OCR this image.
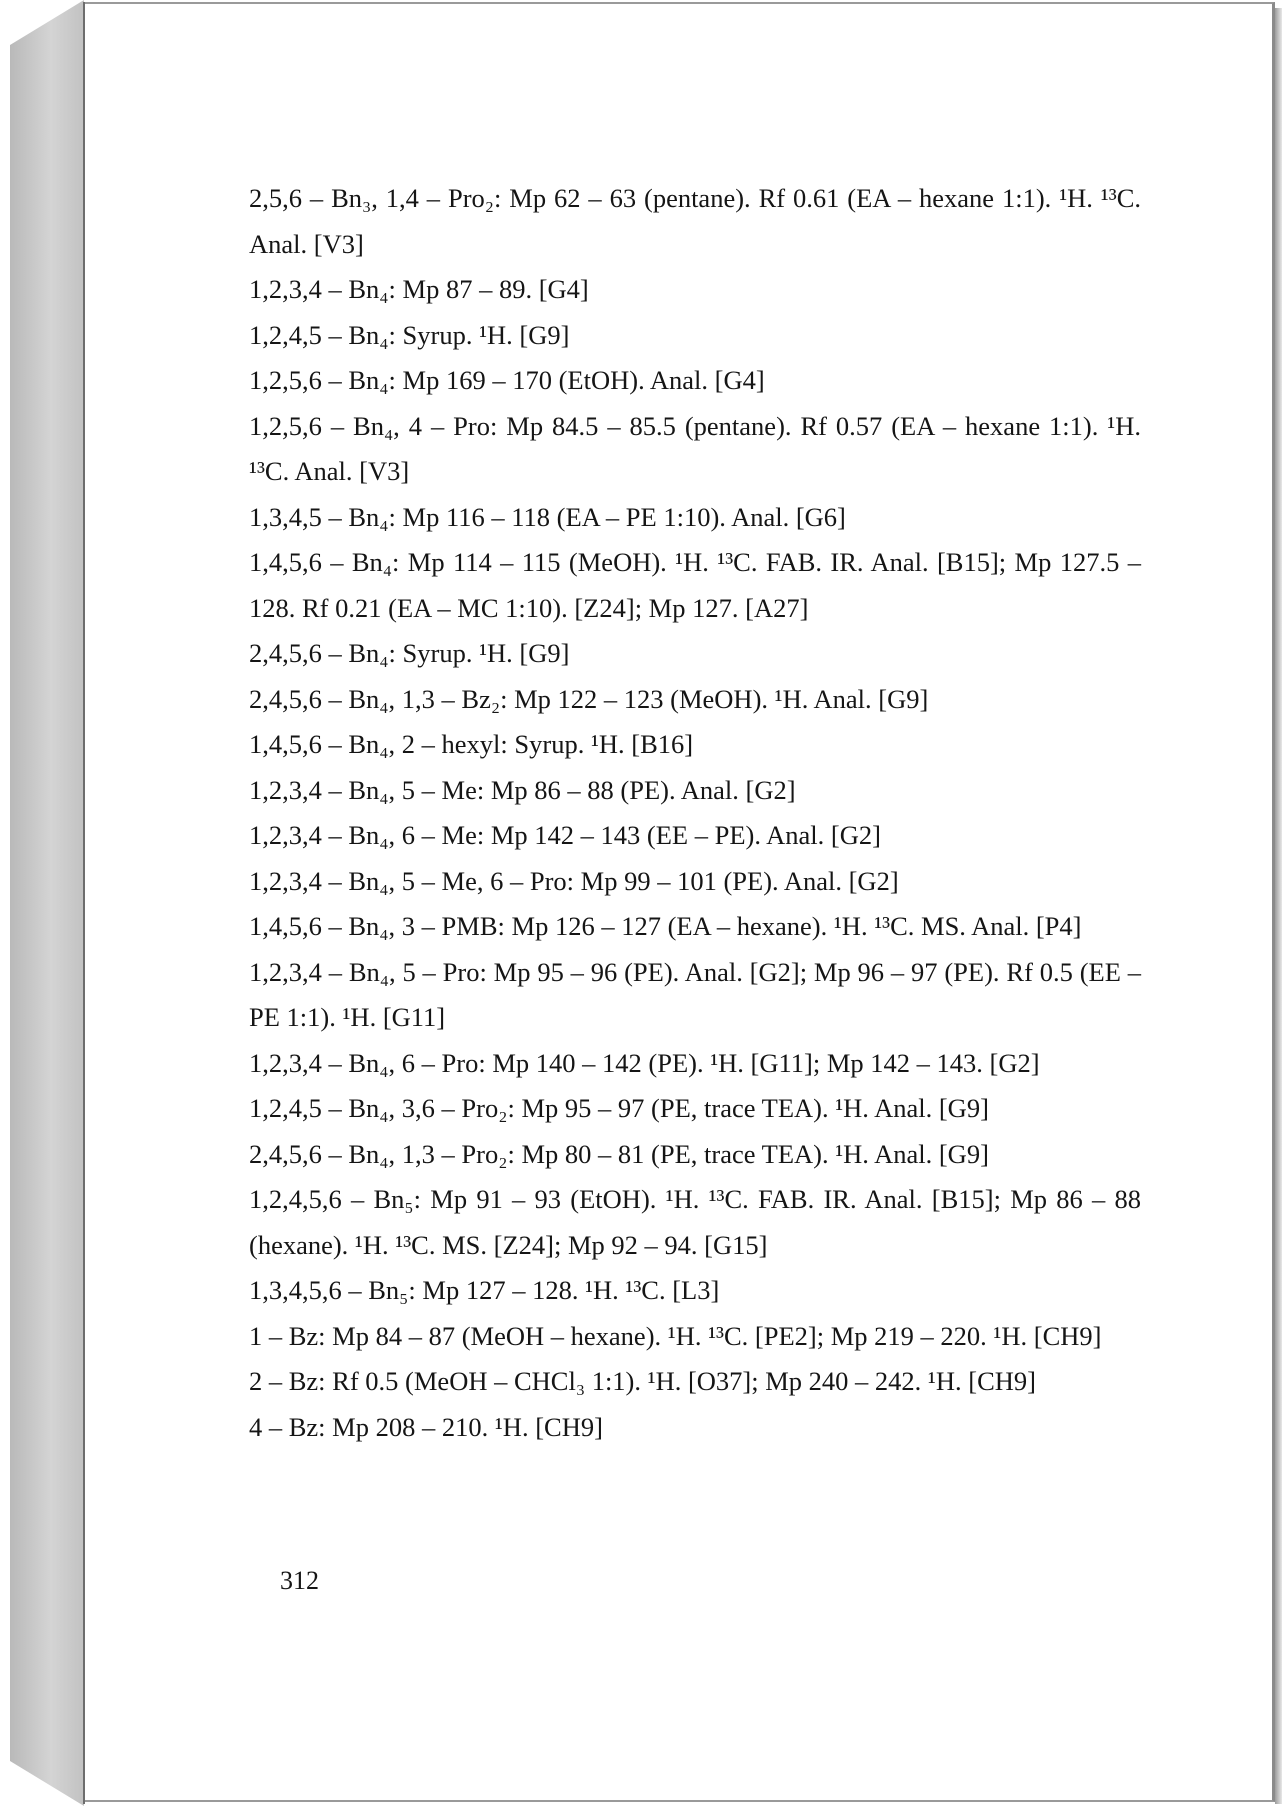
2,5,6 – Bn₃, 1,4 – Pro₂: Mp 62 – 63 (pentane). Rf 0.61 (EA – hexane 1:1). ¹H. ¹³C. Anal. [V3]

1,2,3,4 – Bn₄: Mp 87 – 89. [G4]

1,2,4,5 – Bn₄: Syrup. ¹H. [G9]

1,2,5,6 – Bn₄: Mp 169 – 170 (EtOH). Anal. [G4]

1,2,5,6 – Bn₄, 4 – Pro: Mp 84.5 – 85.5 (pentane). Rf 0.57 (EA – hexane 1:1). ¹H. ¹³C. Anal. [V3]

1,3,4,5 – Bn₄: Mp 116 – 118 (EA – PE 1:10). Anal. [G6]

1,4,5,6 – Bn₄: Mp 114 – 115 (MeOH). ¹H. ¹³C. FAB. IR. Anal. [B15]; Mp 127.5 – 128. Rf 0.21 (EA – MC 1:10). [Z24]; Mp 127. [A27]

2,4,5,6 – Bn₄: Syrup. ¹H. [G9]

2,4,5,6 – Bn₄, 1,3 – Bz₂: Mp 122 – 123 (MeOH). ¹H. Anal. [G9]

1,4,5,6 – Bn₄, 2 – hexyl: Syrup. ¹H. [B16]

1,2,3,4 – Bn₄, 5 – Me: Mp 86 – 88 (PE). Anal. [G2]

1,2,3,4 – Bn₄, 6 – Me: Mp 142 – 143 (EE – PE). Anal. [G2]

1,2,3,4 – Bn₄, 5 – Me, 6 – Pro: Mp 99 – 101 (PE). Anal. [G2]

1,4,5,6 – Bn₄, 3 – PMB: Mp 126 – 127 (EA – hexane). ¹H. ¹³C. MS. Anal. [P4]

1,2,3,4 – Bn₄, 5 – Pro: Mp 95 – 96 (PE). Anal. [G2]; Mp 96 – 97 (PE). Rf 0.5 (EE – PE 1:1). ¹H. [G11]

1,2,3,4 – Bn₄, 6 – Pro: Mp 140 – 142 (PE). ¹H. [G11]; Mp 142 – 143. [G2]

1,2,4,5 – Bn₄, 3,6 – Pro₂: Mp 95 – 97 (PE, trace TEA). ¹H. Anal. [G9]

2,4,5,6 – Bn₄, 1,3 – Pro₂: Mp 80 – 81 (PE, trace TEA). ¹H. Anal. [G9]

1,2,4,5,6 – Bn₅: Mp 91 – 93 (EtOH). ¹H. ¹³C. FAB. IR. Anal. [B15]; Mp 86 – 88 (hexane). ¹H. ¹³C. MS. [Z24]; Mp 92 – 94. [G15]

1,3,4,5,6 – Bn₅: Mp 127 – 128. ¹H. ¹³C. [L3]

1 – Bz: Mp 84 – 87 (MeOH – hexane). ¹H. ¹³C. [PE2]; Mp 219 – 220. ¹H. [CH9]

2 – Bz: Rf 0.5 (MeOH – CHCl₃ 1:1). ¹H. [O37]; Mp 240 – 242. ¹H. [CH9]

4 – Bz: Mp 208 – 210. ¹H. [CH9]

312
